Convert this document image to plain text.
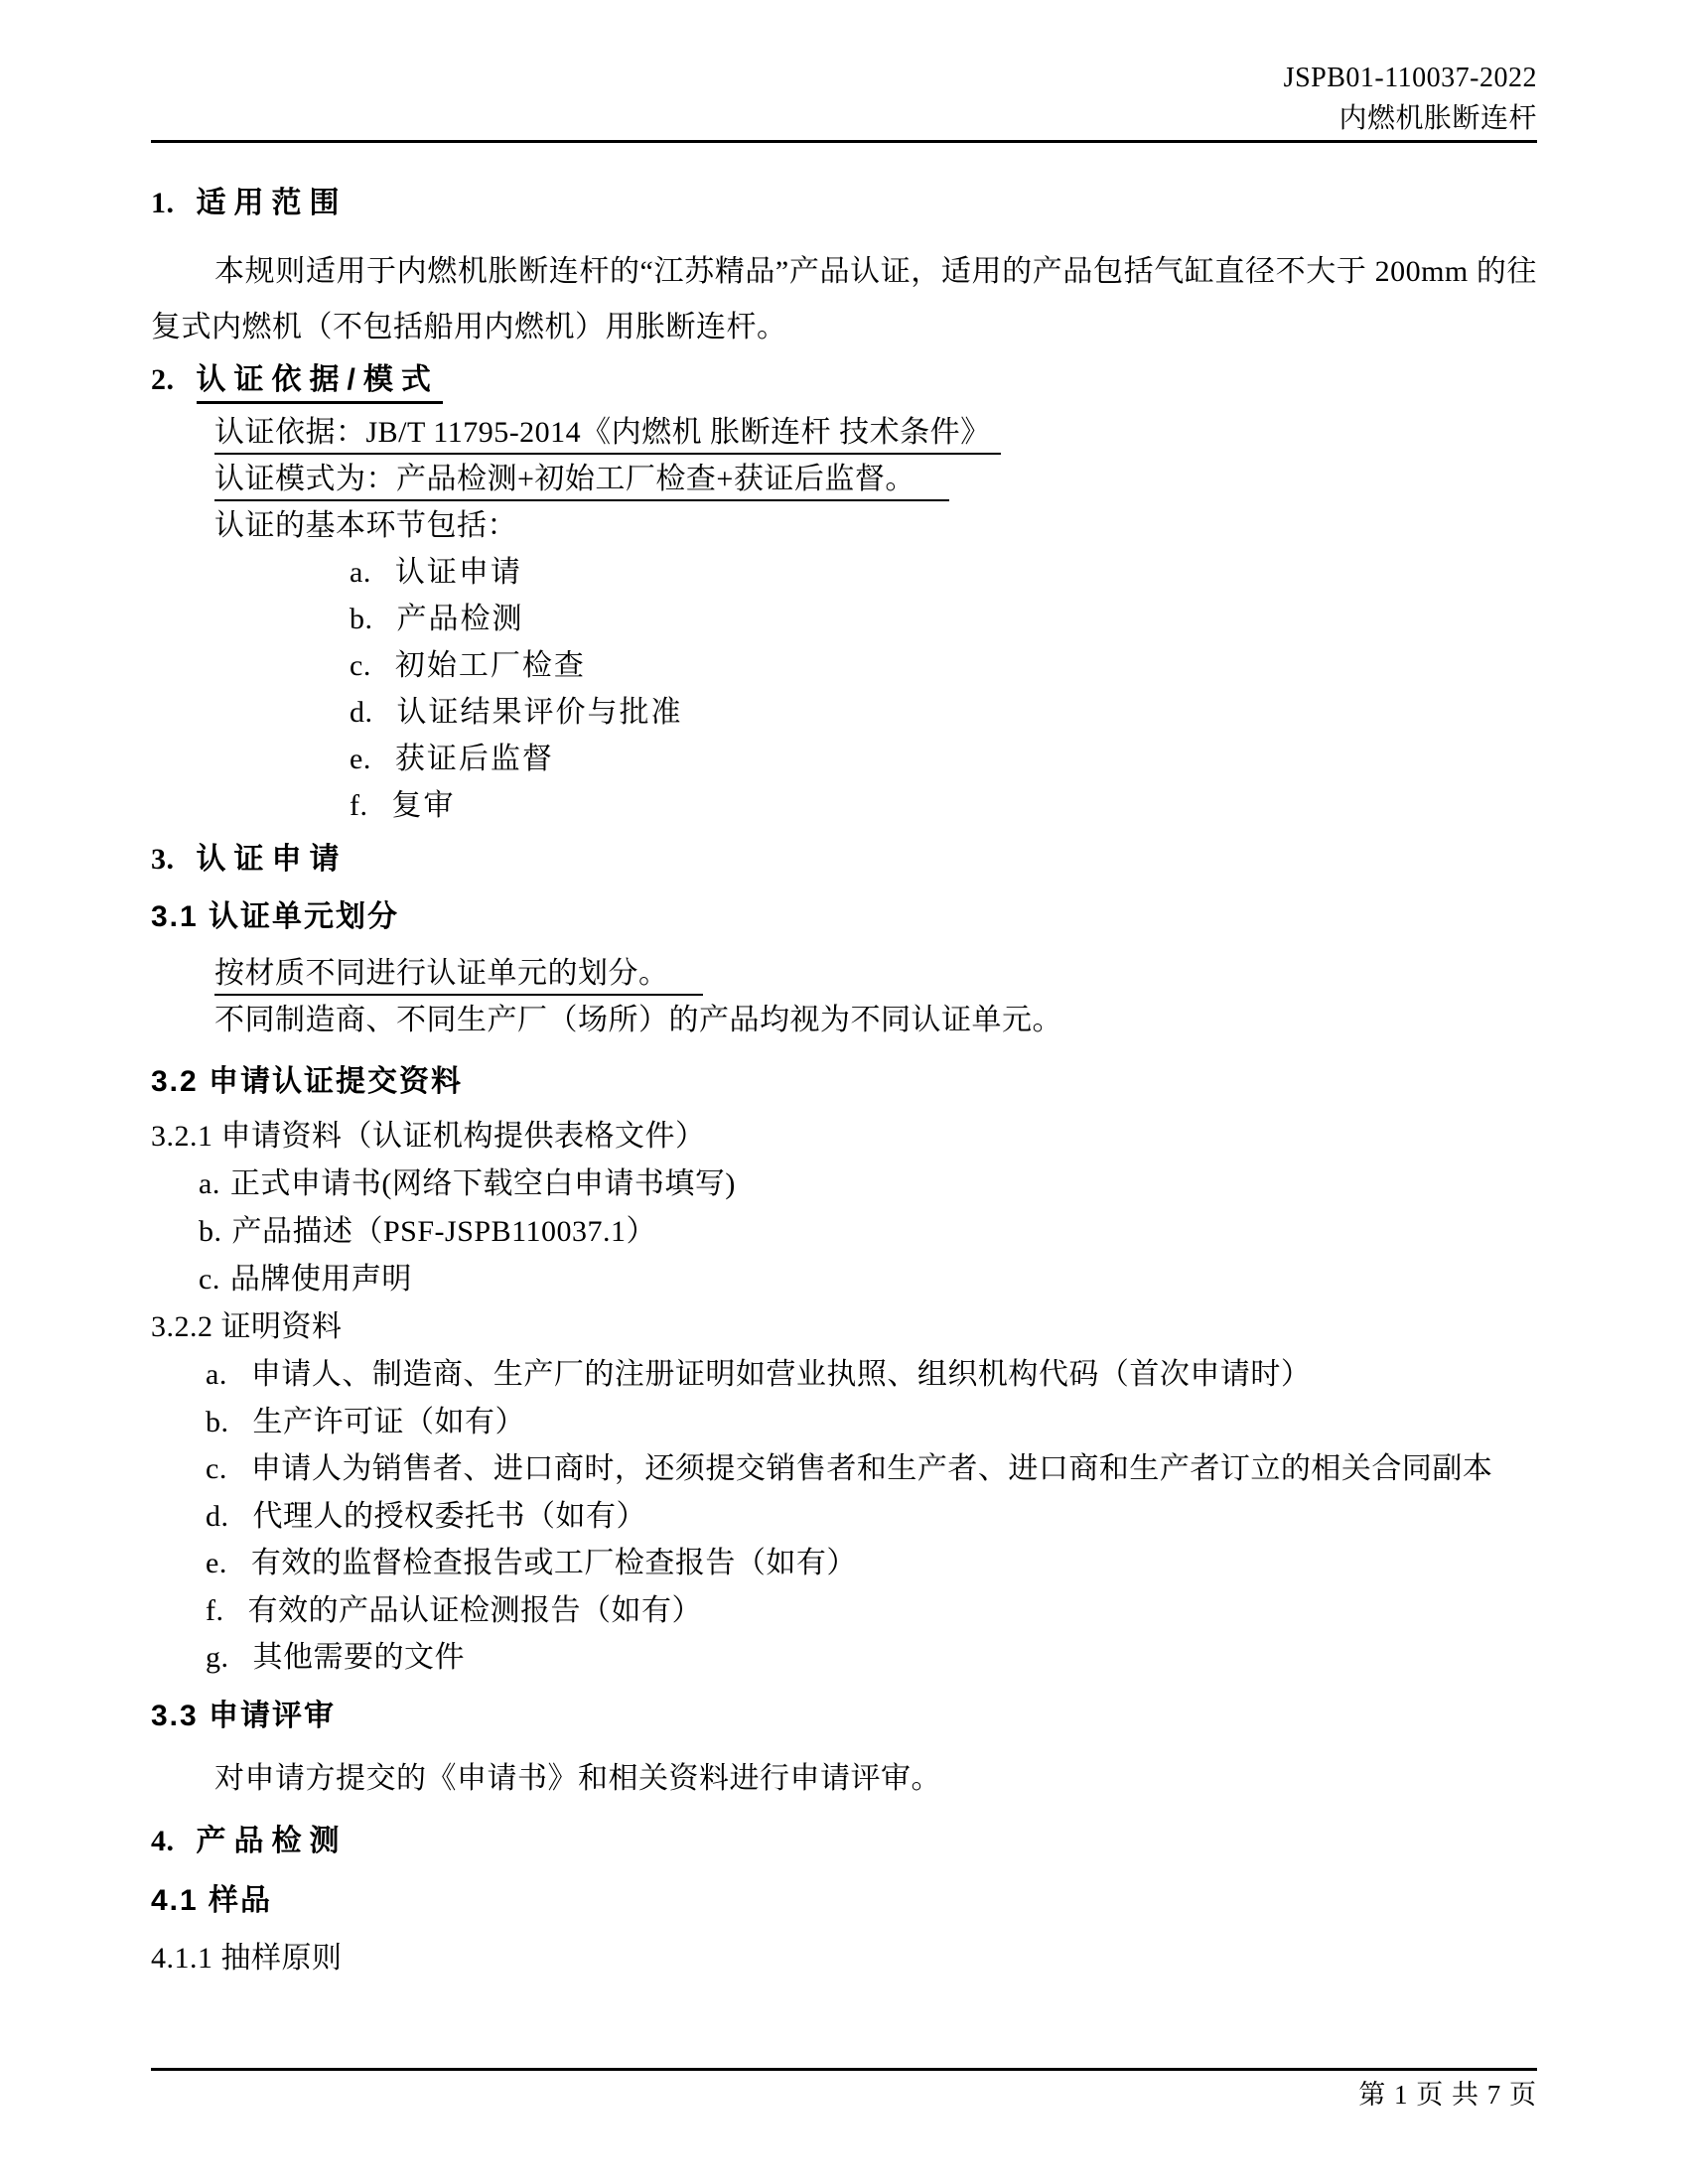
JSPB01-110037-2022
内燃机胀断连杆
1. 适用范围

本规则适用于内燃机胀断连杆的“江苏精品”产品认证，适用的产品包括气缸直径不大于 200mm 的往复式内燃机（不包括船用内燃机）用胀断连杆。

2. 认证依据/模式
认证依据：JB/T 11795-2014《内燃机 胀断连杆 技术条件》
认证模式为：产品检测+初始工厂检查+获证后监督。
认证的基本环节包括：
a. 认证申请
b. 产品检测
c. 初始工厂检查
d. 认证结果评价与批准
e. 获证后监督
f. 复审
3. 认证申请
3.1 认证单元划分
按材质不同进行认证单元的划分。
不同制造商、不同生产厂（场所）的产品均视为不同认证单元。
3.2 申请认证提交资料
3.2.1 申请资料（认证机构提供表格文件）
a. 正式申请书(网络下载空白申请书填写)
b. 产品描述（PSF-JSPB110037.1）
c. 品牌使用声明
3.2.2 证明资料
a. 申请人、制造商、生产厂的注册证明如营业执照、组织机构代码（首次申请时）
b. 生产许可证（如有）
c. 申请人为销售者、进口商时，还须提交销售者和生产者、进口商和生产者订立的相关合同副本
d. 代理人的授权委托书（如有）
e. 有效的监督检查报告或工厂检查报告（如有）
f. 有效的产品认证检测报告（如有）
g. 其他需要的文件
3.3 申请评审

对申请方提交的《申请书》和相关资料进行申请评审。

4. 产品检测
4.1 样品
4.1.1 抽样原则
第 1 页 共 7 页
